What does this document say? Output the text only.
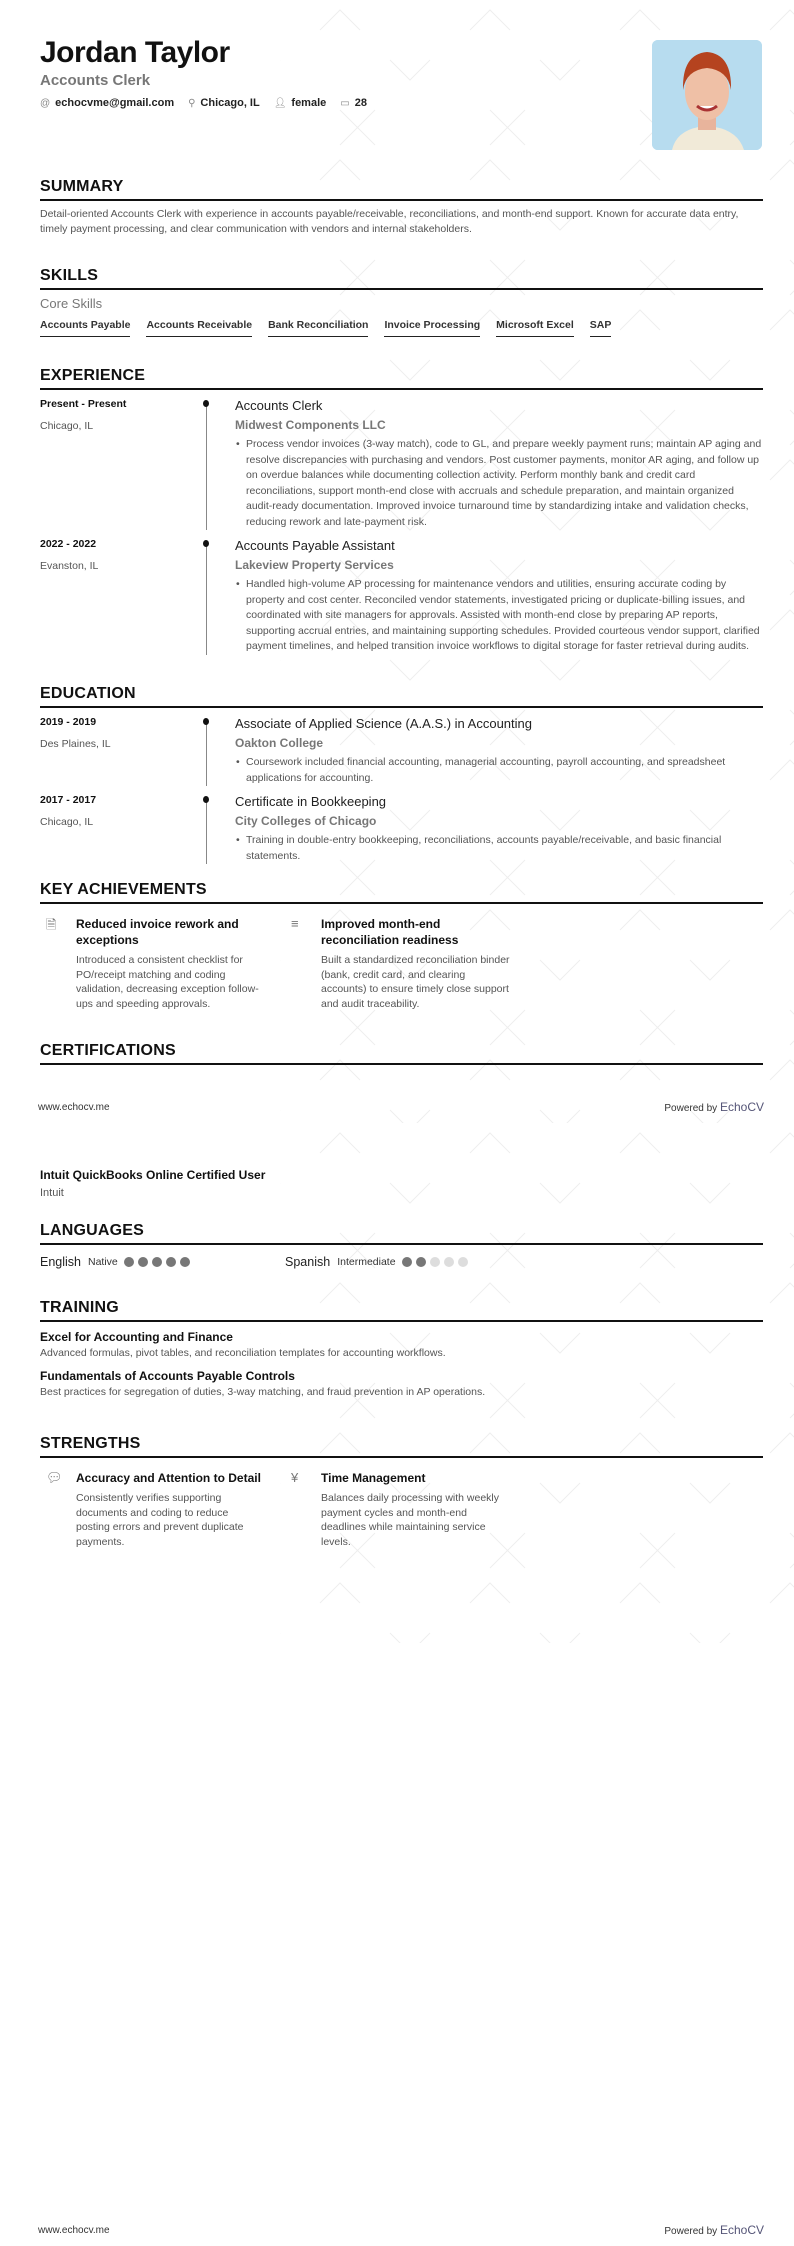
Jordan Taylor
Accounts Clerk
@ echocvme@gmail.com ⚲ Chicago, IL 👤︎ female ▭ 28
SUMMARY

Detail-oriented Accounts Clerk with experience in accounts payable/receivable, reconciliations, and month-end support. Known for accurate data entry, timely payment processing, and clear communication with vendors and internal stakeholders.

SKILLS
Core Skills
Accounts Payable Accounts Receivable Bank Reconciliation Invoice Processing Microsoft Excel SAP
EXPERIENCE
Present - Present
Chicago, IL
Accounts Clerk
Midwest Components LLC
• Process vendor invoices (3-way match), code to GL, and prepare weekly payment runs; maintain AP aging and resolve discrepancies with purchasing and vendors. Post customer payments, monitor AR aging, and follow up on overdue balances while documenting collection activity. Perform monthly bank and credit card reconciliations, support month-end close with accruals and schedule preparation, and maintain organized audit-ready documentation. Improved invoice turnaround time by standardizing intake and validation checks, reducing rework and late-payment risk.
2022 - 2022
Evanston, IL
Accounts Payable Assistant
Lakeview Property Services
• Handled high-volume AP processing for maintenance vendors and utilities, ensuring accurate coding by property and cost center. Reconciled vendor statements, investigated pricing or duplicate-billing issues, and coordinated with site managers for approvals. Assisted with month-end close by preparing AP reports, supporting accrual entries, and maintaining supporting schedules. Provided courteous vendor support, clarified payment timelines, and helped transition invoice workflows to digital storage for faster retrieval during audits.
EDUCATION
2019 - 2019
Des Plaines, IL
Associate of Applied Science (A.A.S.) in Accounting
Oakton College
• Coursework included financial accounting, managerial accounting, payroll accounting, and spreadsheet applications for accounting.
2017 - 2017
Chicago, IL
Certificate in Bookkeeping
City Colleges of Chicago
• Training in double-entry bookkeeping, reconciliations, accounts payable/receivable, and basic financial statements.
KEY ACHIEVEMENTS
🗎︎	Reduced invoice rework and exceptions
Introduced a consistent checklist for PO/receipt matching and coding validation, decreasing exception follow-ups and speeding approvals.
≡	Improved month-end reconciliation readiness
Built a standardized reconciliation binder (bank, credit card, and clearing accounts) to ensure timely close support and audit traceability.
CERTIFICATIONS
www.echocv.me	Powered by EchoCV
Intuit QuickBooks Online Certified User
Intuit
LANGUAGES
English Native	Spanish Intermediate
TRAINING
Excel for Accounting and Finance
Advanced formulas, pivot tables, and reconciliation templates for accounting workflows.
Fundamentals of Accounts Payable Controls
Best practices for segregation of duties, 3-way matching, and fraud prevention in AP operations.
STRENGTHS
💬︎	Accuracy and Attention to Detail
Consistently verifies supporting documents and coding to reduce posting errors and prevent duplicate payments.
¥	Time Management
Balances daily processing with weekly payment cycles and month-end deadlines while maintaining service levels.
www.echocv.me	Powered by EchoCV
